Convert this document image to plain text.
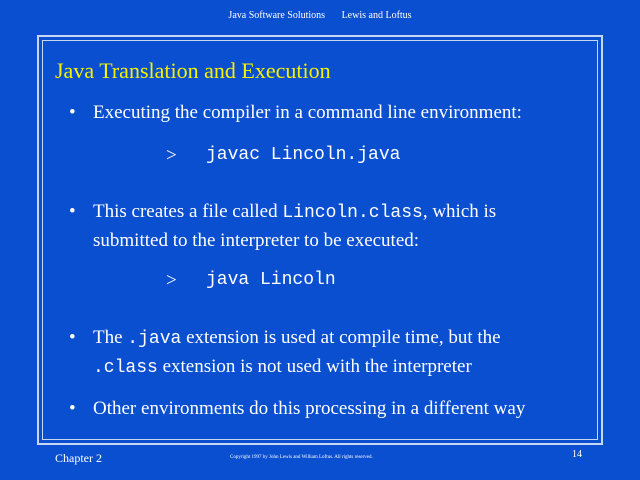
Java Software Solutions Lewis and Loftus
Java Translation and Execution
• Executing the compiler in a command line environment:
> javac Lincoln.java
• This creates a file called Lincoln.class, which is
submitted to the interpreter to be executed:
> java Lincoln
• The .java extension is used at compile time, but the
.class extension is not used with the interpreter
• Other environments do this processing in a different way
Chapter 2	Copyright 1997 by John Lewis and William Loftus. All rights reserved.	14
